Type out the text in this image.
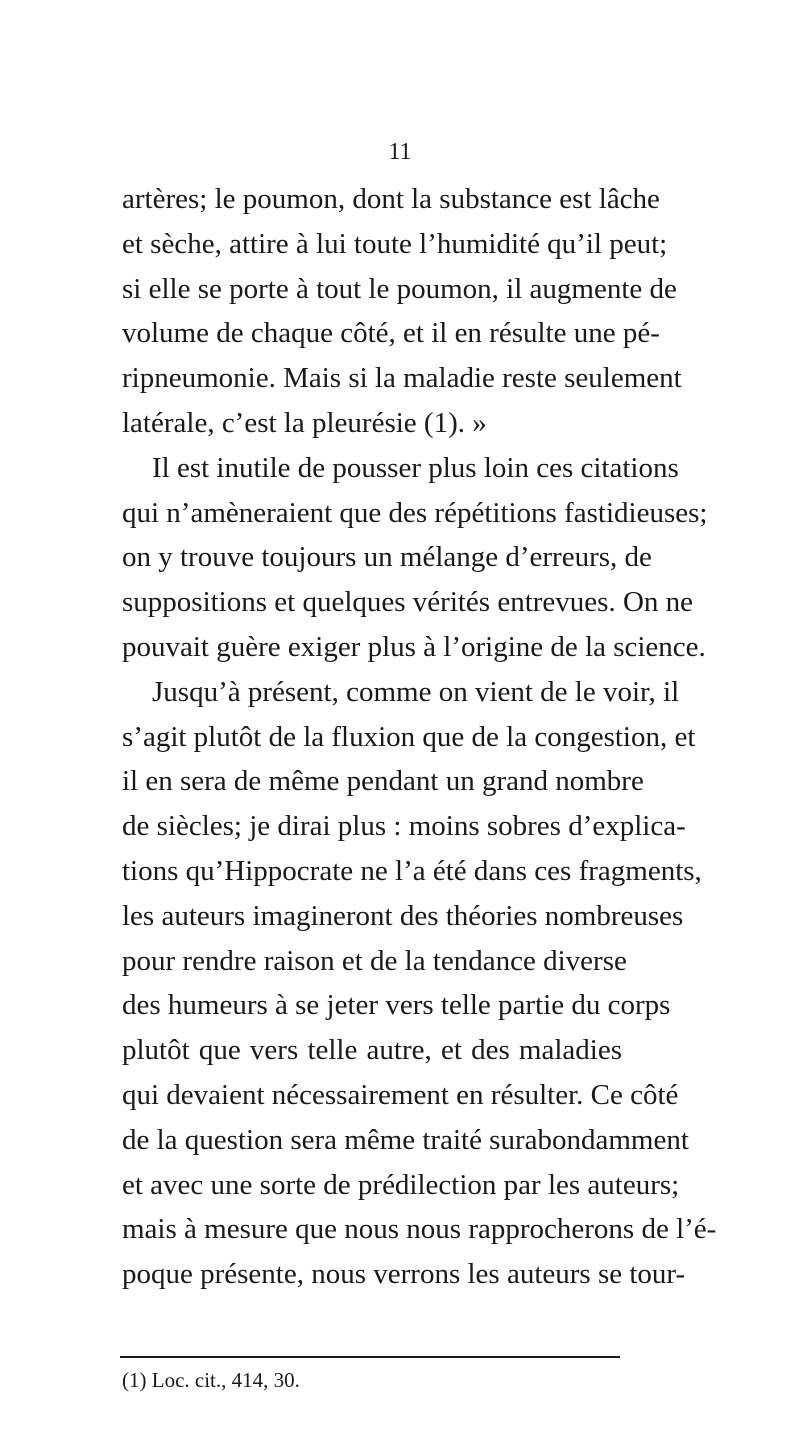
11
artères; le poumon, dont la substance est lâche
et sèche, attire à lui toute l’humidité qu’il peut;
si elle se porte à tout le poumon, il augmente de
volume de chaque côté, et il en résulte une pé-
ripneumonie. Mais si la maladie reste seulement
latérale, c’est la pleurésie (1). »
Il est inutile de pousser plus loin ces citations
qui n’amèneraient que des répétitions fastidieuses;
on y trouve toujours un mélange d’erreurs, de
suppositions et quelques vérités entrevues. On ne
pouvait guère exiger plus à l’origine de la science.
Jusqu’à présent, comme on vient de le voir, il
s’agit plutôt de la fluxion que de la congestion, et
il en sera de même pendant un grand nombre
de siècles; je dirai plus : moins sobres d’explica-
tions qu’Hippocrate ne l’a été dans ces fragments,
les auteurs imagineront des théories nombreuses
pour rendre raison et de la tendance diverse
des humeurs à se jeter vers telle partie du corps
plutôt que vers telle autre, et des maladies
qui devaient nécessairement en résulter. Ce côté
de la question sera même traité surabondamment
et avec une sorte de prédilection par les auteurs;
mais à mesure que nous nous rapprocherons de l’é-
poque présente, nous verrons les auteurs se tour-
(1) Loc. cit., 414, 30.
